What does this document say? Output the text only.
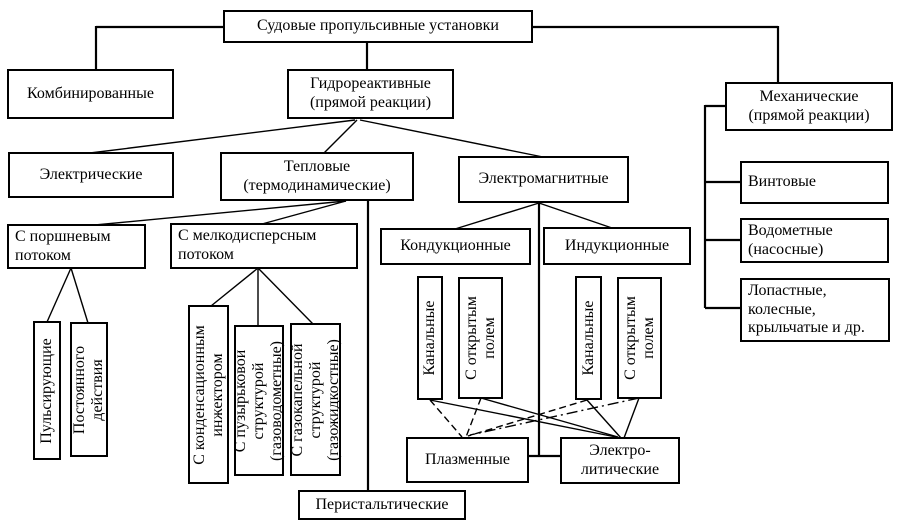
Судовые пропульсивные установки
Комбинированные
Гидрореактивные (прямой реакции)	Механические (прямой реакции)
Электрические	Тепловые (термодинамические)	Электромагнитные
С поршневым потоком
С мелкодисперсным потоком
Кондукционные	Индукционные
Винтовые
Водометные (насосные)
Лопастные, колесные, крыльчатые и др.
Плазменные
Электро-литические
Перистальтические
Пульсирующие Постоянного действия	С конденсационным инжектором С пузырьковой структурой (газоводометные) С газокапельной структурой (газожидкостные)
Канальные С открытым полем	Канальные С открытым полем
